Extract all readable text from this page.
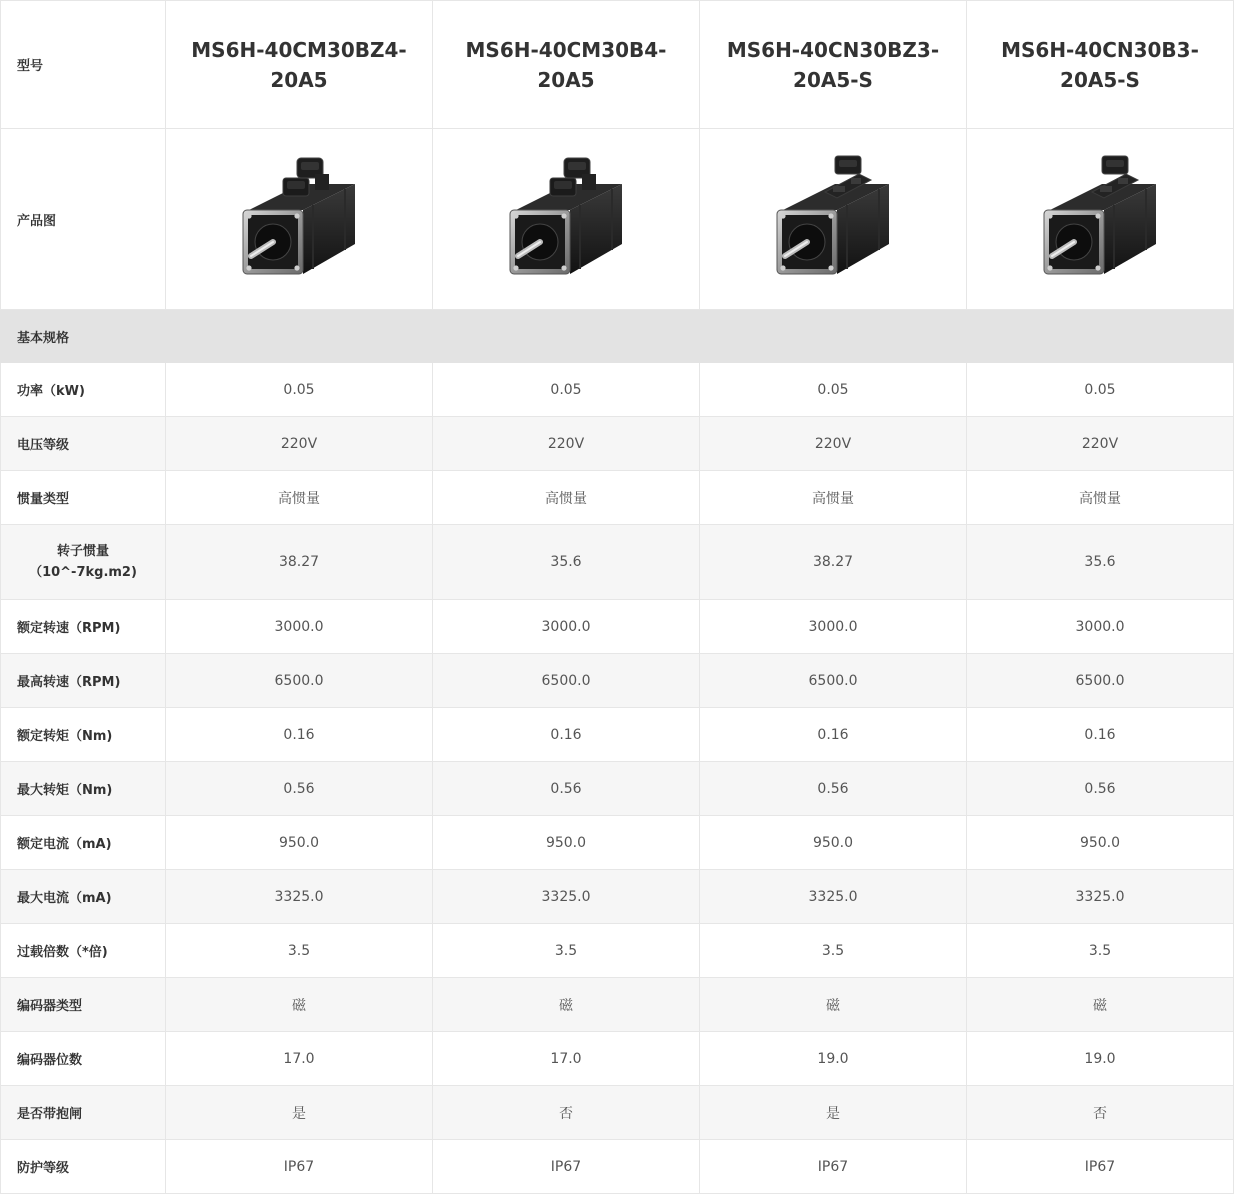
型号	MS6H-40CM30BZ4-20A5	MS6H-40CM30B4-20A5	MS6H-40CN30BZ3-20A5-S	MS6H-40CN30B3-20A5-S
产品图				
基本规格				
功率（kW)	0.05	0.05	0.05	0.05
电压等级	220V	220V	220V	220V
惯量类型	高惯量	高惯量	高惯量	高惯量
转子惯量（10^-7kg.m2)	38.27	35.6	38.27	35.6
额定转速（RPM)	3000.0	3000.0	3000.0	3000.0
最高转速（RPM)	6500.0	6500.0	6500.0	6500.0
额定转矩（Nm)	0.16	0.16	0.16	0.16
最大转矩（Nm)	0.56	0.56	0.56	0.56
额定电流（mA)	950.0	950.0	950.0	950.0
最大电流（mA)	3325.0	3325.0	3325.0	3325.0
过载倍数（*倍)	3.5	3.5	3.5	3.5
编码器类型	磁	磁	磁	磁
编码器位数	17.0	17.0	19.0	19.0
是否带抱闸	是	否	是	否
防护等级	IP67	IP67	IP67	IP67
